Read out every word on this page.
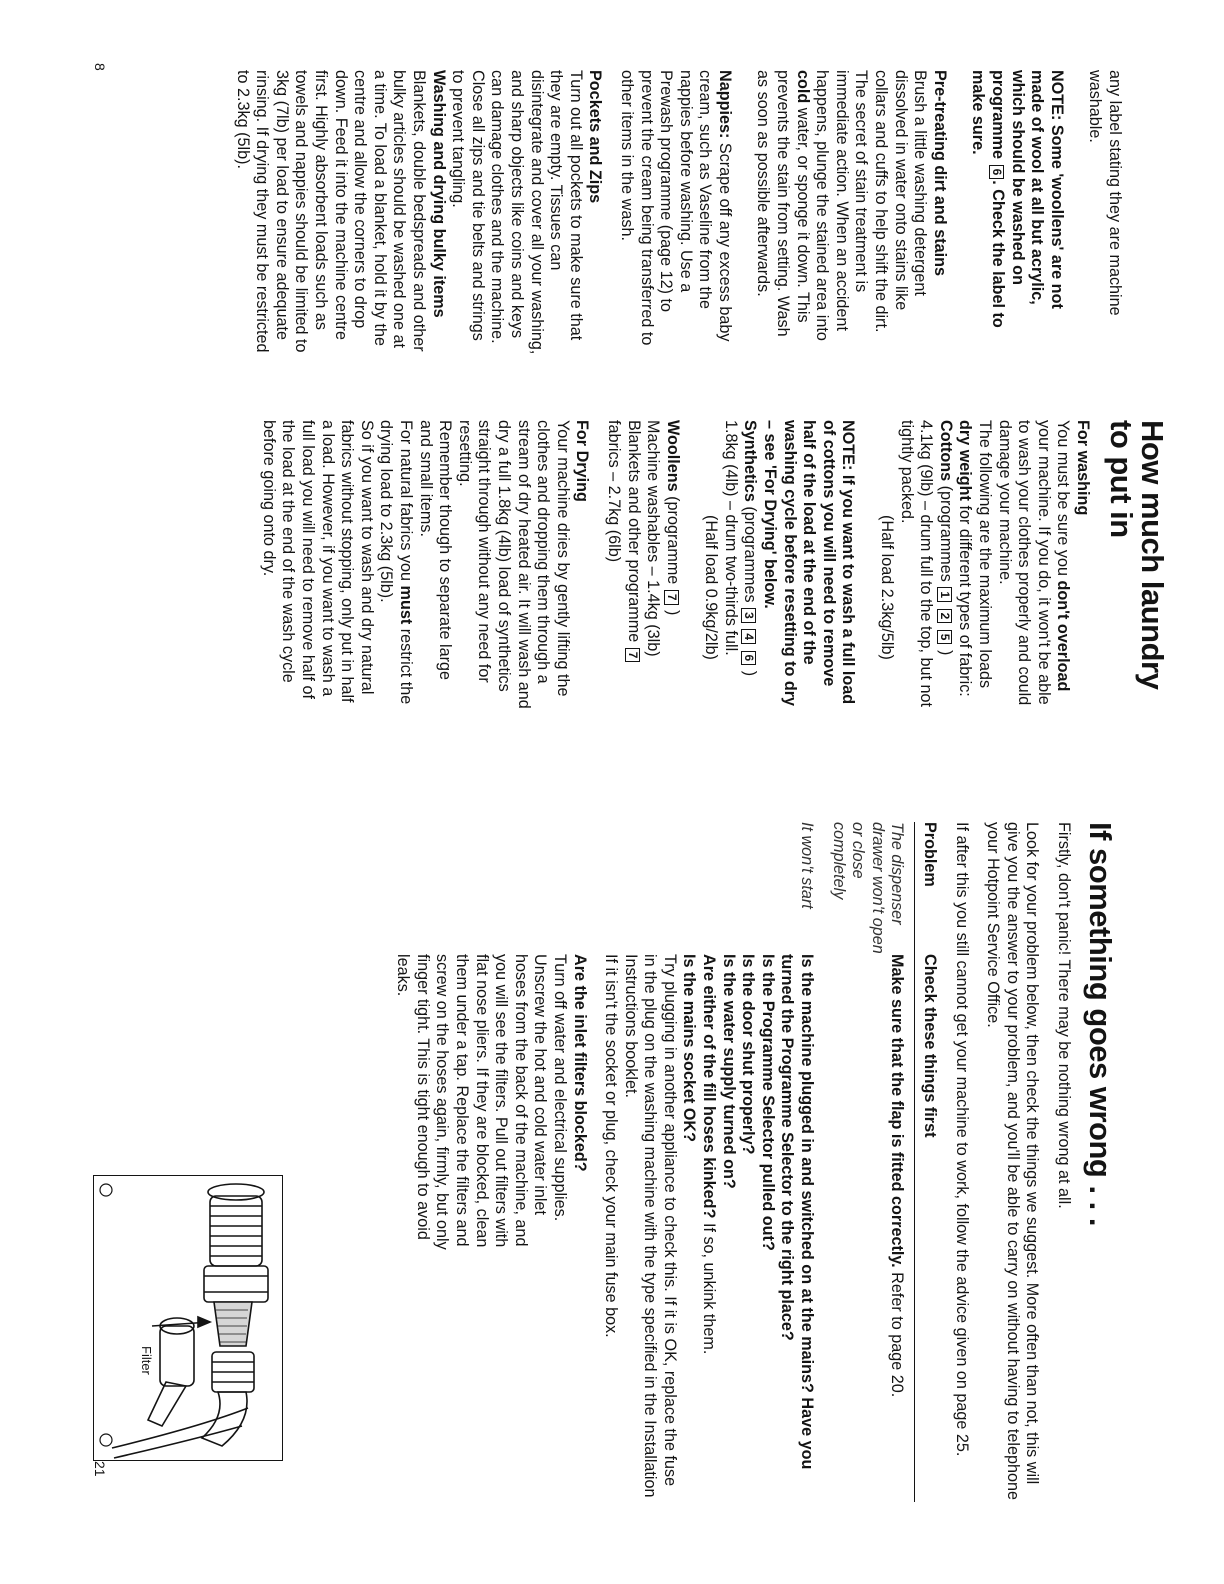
any label stating they are machine washable.

NOTE: Some 'woollens' are not made of wool at all but acrylic, which should be washed on programme 6. Check the label to make sure.

Pre-treating dirt and stains

Brush a little washing detergent dissolved in water onto stains like collars and cuffs to help shift the dirt.

The secret of stain treatment is immediate action. When an accident happens, plunge the stained area into cold water, or sponge it down. This prevents the stain from setting. Wash as soon as possible afterwards.

Nappies: Scrape off any excess baby cream, such as Vaseline from the nappies before washing. Use a Prewash programme (page 12) to prevent the cream being transferred to other items in the wash.

Pockets and Zips

Turn out all pockets to make sure that they are empty. Tissues can disintegrate and cover all your washing, and sharp objects like coins and keys can damage clothes and the machine.

Close all zips and tie belts and strings to prevent tangling.

Washing and drying bulky items

Blankets, double bedspreads and other bulky articles should be washed one at a time. To load a blanket, hold it by the centre and allow the corners to drop down. Feed it into the machine centre first. Highly absorbent loads such as towels and nappies should be limited to 3kg (7lb) per load to ensure adequate rinsing. If drying they must be restricted to 2.3kg (5lb).

8
How much laundry to put in

For washing

You must be sure you don't overload your machine. If you do, it won't be able to wash your clothes properly and could damage your machine.

The following are the maximum loads dry weight for different types of fabric:

Cottons (programmes 1 2 5 )

4.1kg (9lb) – drum full to the top, but not tightly packed.

(Half load 2.3kg/5lb)

NOTE: If you want to wash a full load of cottons you will need to remove half of the load at the end of the washing cycle before resetting to dry – see 'For Drying' below.

Synthetics (programmes 3 4 6 )

1.8kg (4lb) – drum two-thirds full.

(Half load 0.9kg/2lb)

Woollens (programme 7 )

Machine washables – 1.4kg (3lb)

Blankets and other programme 7

fabrics – 2.7kg (6lb)

For Drying

Your machine dries by gently lifting the clothes and dropping them through a stream of dry heated air. It will wash and dry a full 1.8kg (4lb) load of synthetics straight through without any need for resetting.

Remember though to separate large and small items.

For natural fabrics you must restrict the drying load to 2.3kg (5lb).

So if you want to wash and dry natural fabrics without stopping, only put in half a load. However, if you want to wash a full load you will need to remove half of the load at the end of the wash cycle before going onto dry.

If something goes wrong . . .

Firstly, don't panic! There may be nothing wrong at all.

Look for your problem below, then check the things we suggest. More often than not, this will give you the answer to your problem, and you'll be able to carry on without having to telephone your Hotpoint Service Office.

If after this you still cannot get your machine to work, follow the advice given on page 25.

Problem
Check these things first
The dispenser drawer won't open or close completely
Make sure that the flap is fitted correctly. Refer to page 20.
It won't start

Is the machine plugged in and switched on at the mains? Have you turned the Programme Selector to the right place?

Is the Programme Selector pulled out?

Is the door shut properly?

Is the water supply turned on?

Are either of the fill hoses kinked? If so, unkink them.

Is the mains socket OK?

Try plugging in another appliance to check this. If it is OK, replace the fuse in the plug on the washing machine with the type specified in the Installation Instructions booklet.

If it isn't the socket or plug, check your main fuse box.

Are the inlet filters blocked?

Turn off water and electrical supplies. Unscrew the hot and cold water inlet hoses from the back of the machine, and you will see the filters. Pull out filters with flat nose pliers. If they are blocked, clean them under a tap. Replace the filters and screw on the hoses again, firmly, but only finger tight. This is tight enough to avoid leaks.

Filter
21
